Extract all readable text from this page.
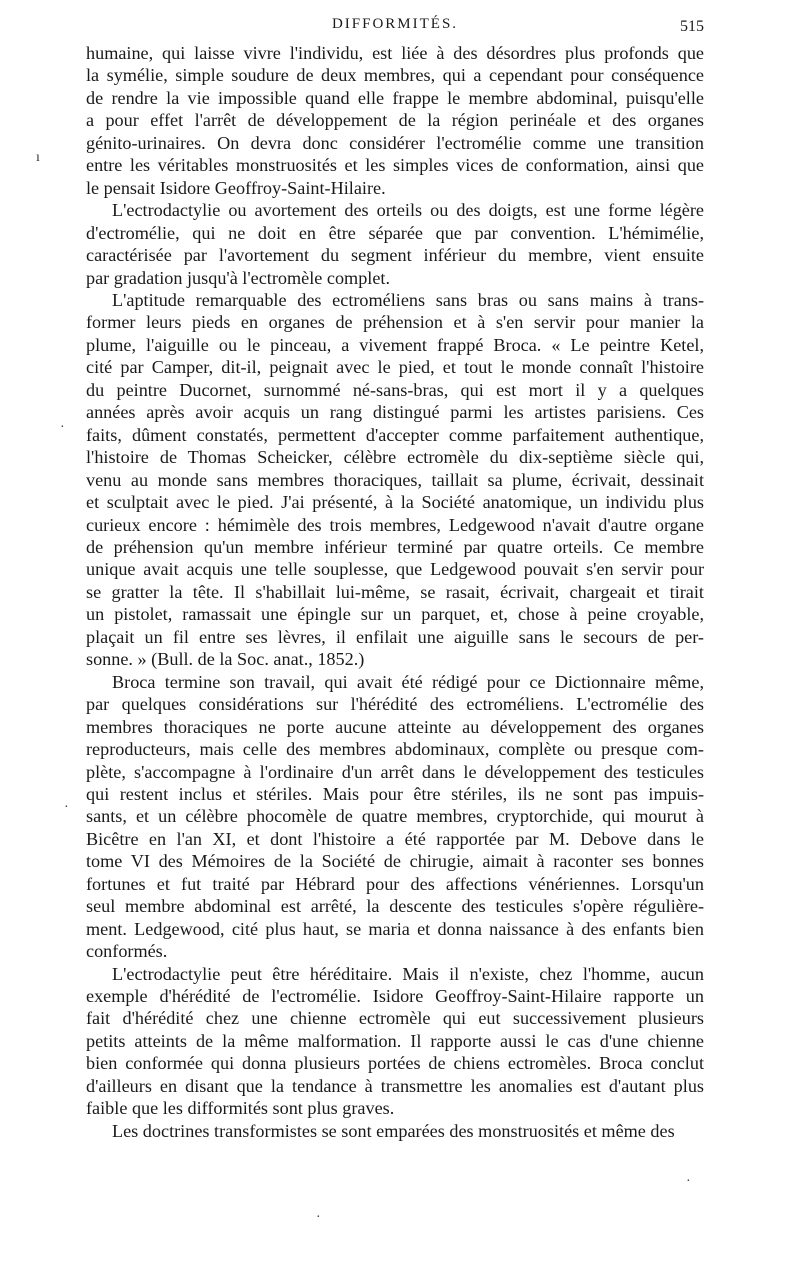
DIFFORMITÉS.	515

humaine, qui laisse vivre l'individu, est liée à des désordres plus profonds que
la symélie, simple soudure de deux membres, qui a cependant pour conséquence
de rendre la vie impossible quand elle frappe le membre abdominal, puisqu'elle
a pour effet l'arrêt de développement de la région perinéale et des organes
génito-urinaires. On devra donc considérer l'ectromélie comme une transition
entre les véritables monstruosités et les simples vices de conformation, ainsi que
le pensait Isidore Geoffroy-Saint-Hilaire.

L'ectrodactylie ou avortement des orteils ou des doigts, est une forme légère
d'ectromélie, qui ne doit en être séparée que par convention. L'hémimélie,
caractérisée par l'avortement du segment inférieur du membre, vient ensuite
par gradation jusqu'à l'ectromèle complet.

L'aptitude remarquable des ectroméliens sans bras ou sans mains à trans-
former leurs pieds en organes de préhension et à s'en servir pour manier la
plume, l'aiguille ou le pinceau, a vivement frappé Broca. « Le peintre Ketel,
cité par Camper, dit-il, peignait avec le pied, et tout le monde connaît l'histoire
du peintre Ducornet, surnommé né-sans-bras, qui est mort il y a quelques
années après avoir acquis un rang distingué parmi les artistes parisiens. Ces
faits, dûment constatés, permettent d'accepter comme parfaitement authentique,
l'histoire de Thomas Scheicker, célèbre ectromèle du dix-septième siècle qui,
venu au monde sans membres thoraciques, taillait sa plume, écrivait, dessinait
et sculptait avec le pied. J'ai présenté, à la Société anatomique, un individu plus
curieux encore : hémimèle des trois membres, Ledgewood n'avait d'autre organe
de préhension qu'un membre inférieur terminé par quatre orteils. Ce membre
unique avait acquis une telle souplesse, que Ledgewood pouvait s'en servir pour
se gratter la tête. Il s'habillait lui-même, se rasait, écrivait, chargeait et tirait
un pistolet, ramassait une épingle sur un parquet, et, chose à peine croyable,
plaçait un fil entre ses lèvres, il enfilait une aiguille sans le secours de per-
sonne. » (Bull. de la Soc. anat., 1852.)

Broca termine son travail, qui avait été rédigé pour ce Dictionnaire même,
par quelques considérations sur l'hérédité des ectroméliens. L'ectromélie des
membres thoraciques ne porte aucune atteinte au développement des organes
reproducteurs, mais celle des membres abdominaux, complète ou presque com-
plète, s'accompagne à l'ordinaire d'un arrêt dans le développement des testicules
qui restent inclus et stériles. Mais pour être stériles, ils ne sont pas impuis-
sants, et un célèbre phocomèle de quatre membres, cryptorchide, qui mourut à
Bicêtre en l'an XI, et dont l'histoire a été rapportée par M. Debove dans le
tome VI des Mémoires de la Société de chirugie, aimait à raconter ses bonnes
fortunes et fut traité par Hébrard pour des affections vénériennes. Lorsqu'un
seul membre abdominal est arrêté, la descente des testicules s'opère régulière-
ment. Ledgewood, cité plus haut, se maria et donna naissance à des enfants bien
conformés.

L'ectrodactylie peut être héréditaire. Mais il n'existe, chez l'homme, aucun
exemple d'hérédité de l'ectromélie. Isidore Geoffroy-Saint-Hilaire rapporte un
fait d'hérédité chez une chienne ectromèle qui eut successivement plusieurs
petits atteints de la même malformation. Il rapporte aussi le cas d'une chienne
bien conformée qui donna plusieurs portées de chiens ectromèles. Broca conclut
d'ailleurs en disant que la tendance à transmettre les anomalies est d'autant plus
faible que les difformités sont plus graves.

Les doctrines transformistes se sont emparées des monstruosités et même des

ı
·
·
·
·
